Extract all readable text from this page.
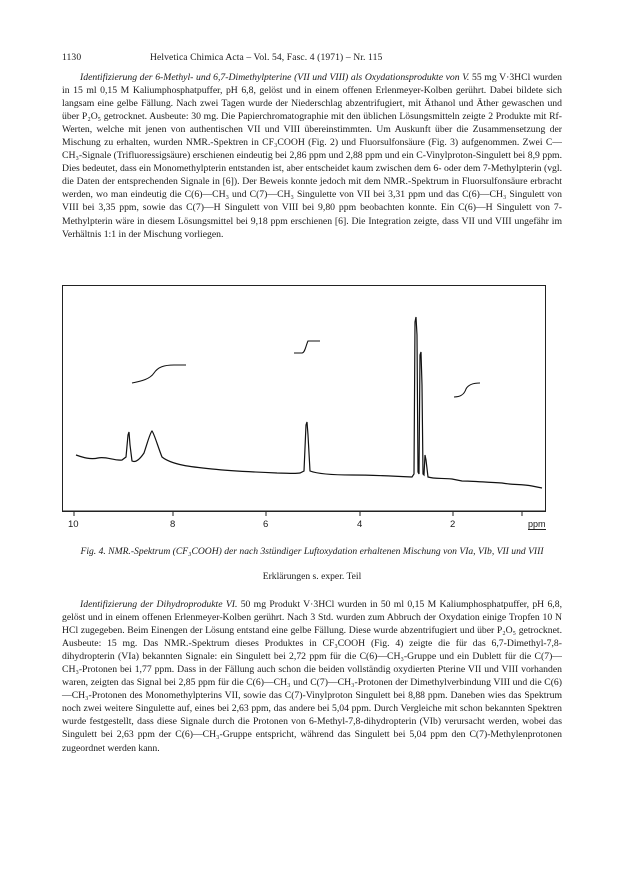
1130	Helvetica Chimica Acta – Vol. 54, Fasc. 4 (1971) – Nr. 115

Identifizierung der 6-Methyl- und 6,7-Dimethylpterine (VII und VIII) als Oxydationsprodukte von V. 55 mg V·3HCl wurden in 15 ml 0,15 M Kaliumphosphatpuffer, pH 6,8, gelöst und in einem offenen Erlenmeyer-Kolben gerührt. Dabei bildete sich langsam eine gelbe Fällung. Nach zwei Tagen wurde der Niederschlag abzentrifugiert, mit Äthanol und Äther gewaschen und über P₂O₅ getrocknet. Ausbeute: 30 mg. Die Papierchromatographie mit den üblichen Lösungsmitteln zeigte 2 Produkte mit Rf-Werten, welche mit jenen von authentischen VII und VIII übereinstimmten. Um Auskunft über die Zusammensetzung der Mischung zu erhalten, wurden NMR.-Spektren in CF₃COOH (Fig. 2) und Fluorsulfonsäure (Fig. 3) aufgenommen. Zwei C—CH₃-Signale (Trifluoressigsäure) erschienen eindeutig bei 2,86 ppm und 2,88 ppm und ein C-Vinylproton-Singulett bei 8,9 ppm. Dies bedeutet, dass ein Monomethylpterin entstanden ist, aber entscheidet kaum zwischen dem 6- oder dem 7-Methylpterin (vgl. die Daten der entsprechenden Signale in [6]). Der Beweis konnte jedoch mit dem NMR.-Spektrum in Fluorsulfonsäure erbracht werden, wo man eindeutig die C(6)—CH₃ und C(7)—CH₃ Singulette von VII bei 3,31 ppm und das C(6)—CH₃ Singulett von VIII bei 3,35 ppm, sowie das C(7)—H Singulett von VIII bei 9,80 ppm beobachten konnte. Ein C(6)—H Singulett von 7-Methylpterin wäre in diesem Lösungsmittel bei 9,18 ppm erschienen [6]. Die Integration zeigte, dass VII und VIII ungefähr im Verhältnis 1:1 in der Mischung vorliegen.

10	8	6	4	2	ppm
Fig. 4. NMR.-Spektrum (CF₃COOH) der nach 3stündiger Luftoxydation erhaltenen Mischung von VIa, VIb, VII und VIII
Erklärungen s. exper. Teil

Identifizierung der Dihydroprodukte VI. 50 mg Produkt V·3HCl wurden in 50 ml 0,15 M Kaliumphosphatpuffer, pH 6,8, gelöst und in einem offenen Erlenmeyer-Kolben gerührt. Nach 3 Std. wurden zum Abbruch der Oxydation einige Tropfen 10 N HCl zugegeben. Beim Einengen der Lösung entstand eine gelbe Fällung. Diese wurde abzentrifugiert und über P₂O₅ getrocknet. Ausbeute: 15 mg. Das NMR.-Spektrum dieses Produktes in CF₃COOH (Fig. 4) zeigte die für das 6,7-Dimethyl-7,8-dihydropterin (VIa) bekannten Signale: ein Singulett bei 2,72 ppm für die C(6)—CH₃-Gruppe und ein Dublett für die C(7)—CH₃-Protonen bei 1,77 ppm. Dass in der Fällung auch schon die beiden vollständig oxydierten Pterine VII und VIII vorhanden waren, zeigten das Signal bei 2,85 ppm für die C(6)—CH₃ und C(7)—CH₃-Protonen der Dimethylverbindung VIII und die C(6)—CH₃-Protonen des Monomethylpterins VII, sowie das C(7)-Vinylproton Singulett bei 8,88 ppm. Daneben wies das Spektrum noch zwei weitere Singulette auf, eines bei 2,63 ppm, das andere bei 5,04 ppm. Durch Vergleiche mit schon bekannten Spektren wurde festgestellt, dass diese Signale durch die Protonen von 6-Methyl-7,8-dihydropterin (VIb) verursacht werden, wobei das Singulett bei 2,63 ppm der C(6)—CH₃-Gruppe entspricht, während das Singulett bei 5,04 ppm den C(7)-Methylenprotonen zugeordnet werden kann.
